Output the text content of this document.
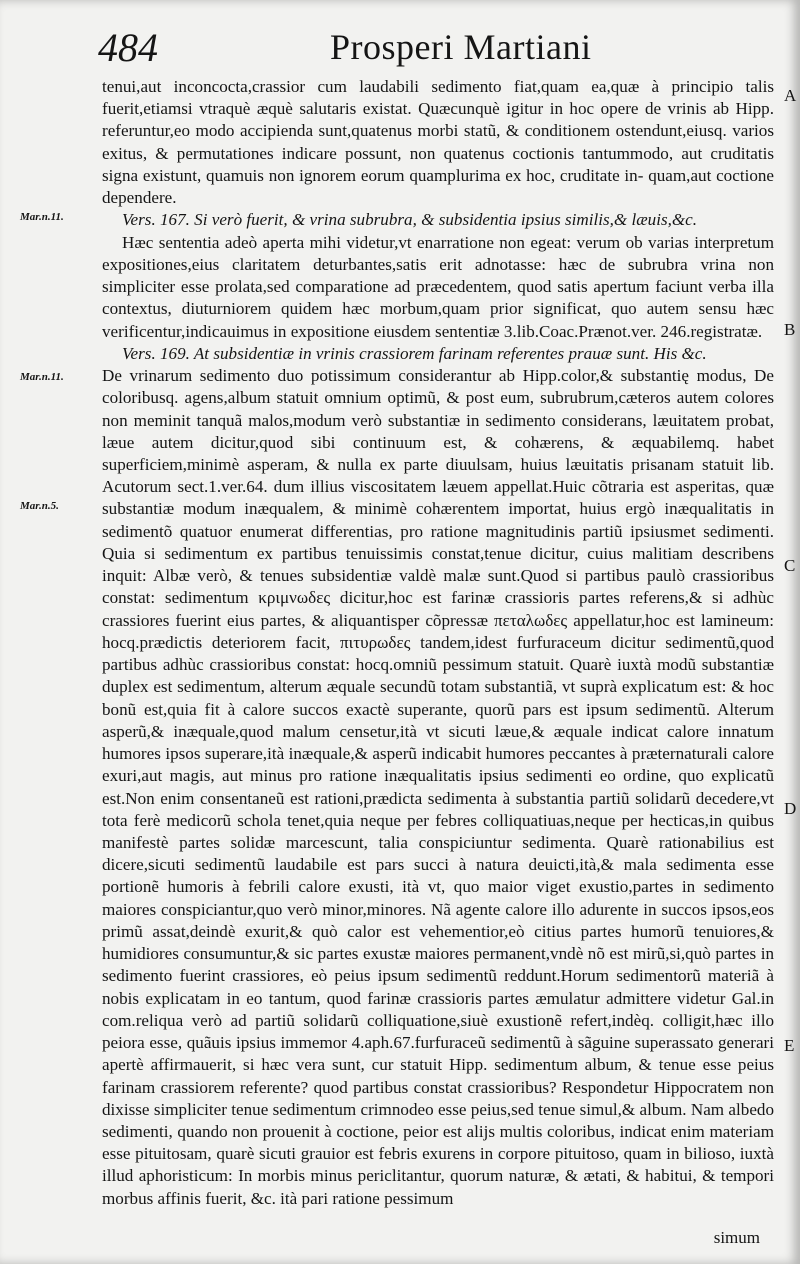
484	Prosperi Martiani
Mar.n.11.
Mar.n.11.
Mar.n.5.
A
B
C
D
E

tenui,aut inconcocta,crassior cum laudabili sedimento fiat,quam ea,quæ à principio talis fuerit,etiamsi vtraquè æquè salutaris existat. Quæcunquè igitur in hoc opere de vrinis ab Hipp. referuntur,eo modo accipienda sunt,quatenus morbi statũ, & conditionem ostendunt,eiusq. varios exitus, & permutationes indicare possunt, non quatenus coctionis tantummodo, aut cruditatis signa existunt, quamuis non ignorem eorum quamplurima ex hoc, cruditate in- quam,aut coctione dependere.

Vers. 167. Si verò fuerit, & vrina subrubra, & subsidentia ipsius similis,& læuis,&c.

Hæc sententia adeò aperta mihi videtur,vt enarratione non egeat: verum ob varias interpretum expositiones,eius claritatem deturbantes,satis erit adnotasse: hæc de subrubra vrina non simpliciter esse prolata,sed comparatione ad præcedentem, quod satis apertum faciunt verba illa contextus, diuturniorem quidem hæc morbum,quam prior significat, quo autem sensu hæc verificentur,indicauimus in expositione eiusdem sententiæ 3.lib.Coac.Prænot.ver. 246.registratæ.

Vers. 169. At subsidentiæ in vrinis crassiorem farinam referentes prauæ sunt. His &c.

De vrinarum sedimento duo potissimum considerantur ab Hipp.color,& substantię modus, De coloribusq. agens,album statuit omnium optimũ, & post eum, subrubrum,cæteros autem colores non meminit tanquã malos,modum verò substantiæ in sedimento considerans, læuitatem probat, læue autem dicitur,quod sibi continuum est, & cohærens, & æquabilemq. habet superficiem,minimè asperam, & nulla ex parte diuulsam, huius læuitatis prisanam statuit lib. Acutorum sect.1.ver.64. dum illius viscositatem læuem appellat.Huic cõtraria est asperitas, quæ substantiæ modum inæqualem, & minimè cohærentem importat, huius ergò inæqualitatis in sedimentõ quatuor enumerat differentias, pro ratione magnitudinis partiũ ipsiusmet sedimenti. Quia si sedimentum ex partibus tenuissimis constat,tenue dicitur, cuius malitiam describens inquit: Albæ verò, & tenues subsidentiæ valdè malæ sunt.Quod si partibus paulò crassioribus constat: sedimentum κριμνωδες dicitur,hoc est farinæ crassioris partes referens,& si adhùc crassiores fuerint eius partes, & aliquantisper cõpressæ πεταλωδες appellatur,hoc est lamineum: hocq.prædictis deteriorem facit, πιτυρωδες tandem,idest furfuraceum dicitur sedimentũ,quod partibus adhùc crassioribus constat: hocq.omniũ pessimum statuit. Quarè iuxtà modũ substantiæ duplex est sedimentum, alterum æquale secundũ totam substantiã, vt suprà explicatum est: & hoc bonũ est,quia fit à calore succos exactè superante, quorũ pars est ipsum sedimentũ. Alterum asperũ,& inæquale,quod malum censetur,ità vt sicuti læue,& æquale indicat calore innatum humores ipsos superare,ità inæquale,& asperũ indicabit humores peccantes à præternaturali calore exuri,aut magis, aut minus pro ratione inæqualitatis ipsius sedimenti eo ordine, quo explicatũ est.Non enim consentaneũ est rationi,prædicta sedimenta à substantia partiũ solidarũ decedere,vt tota ferè medicorũ schola tenet,quia neque per febres colliquatiuas,neque per hecticas,in quibus manifestè partes solidæ marcescunt, talia conspiciuntur sedimenta. Quarè rationabilius est dicere,sicuti sedimentũ laudabile est pars succi à natura deuicti,ità,& mala sedimenta esse portionẽ humoris à febrili calore exusti, ità vt, quo maior viget exustio,partes in sedimento maiores conspiciantur,quo verò minor,minores. Nã agente calore illo adurente in succos ipsos,eos primũ assat,deindè exurit,& quò calor est vehementior,eò citius partes humorũ tenuiores,& humidiores consumuntur,& sic partes exustæ maiores permanent,vndè nõ est mirũ,si,quò partes in sedimento fuerint crassiores, eò peius ipsum sedimentũ reddunt.Horum sedimentorũ materiã à nobis explicatam in eo tantum, quod farinæ crassioris partes æmulatur admittere videtur Gal.in com.reliqua verò ad partiũ solidarũ colliquatione,siuè exustionẽ refert,indèq. colligit,hæc illo peiora esse, quãuis ipsius immemor 4.aph.67.furfuraceũ sedimentũ à sãguine superassato generari apertè affirmauerit, si hæc vera sunt, cur statuit Hipp. sedimentum album, & tenue esse peius farinam crassiorem referente? quod partibus constat crassioribus? Respondetur Hippocratem non dixisse simpliciter tenue sedimentum crimnodeo esse peius,sed tenue simul,& album. Nam albedo sedimenti, quando non prouenit à coctione, peior est alijs multis coloribus, indicat enim materiam esse pituitosam, quarè sicuti grauior est febris exurens in corpore pituitoso, quam in bilioso, iuxtà illud aphoristicum: In morbis minus periclitantur, quorum naturæ, & ætati, & habitui, & tempori morbus affinis fuerit, &c. ità pari ratione pessimum

simum
